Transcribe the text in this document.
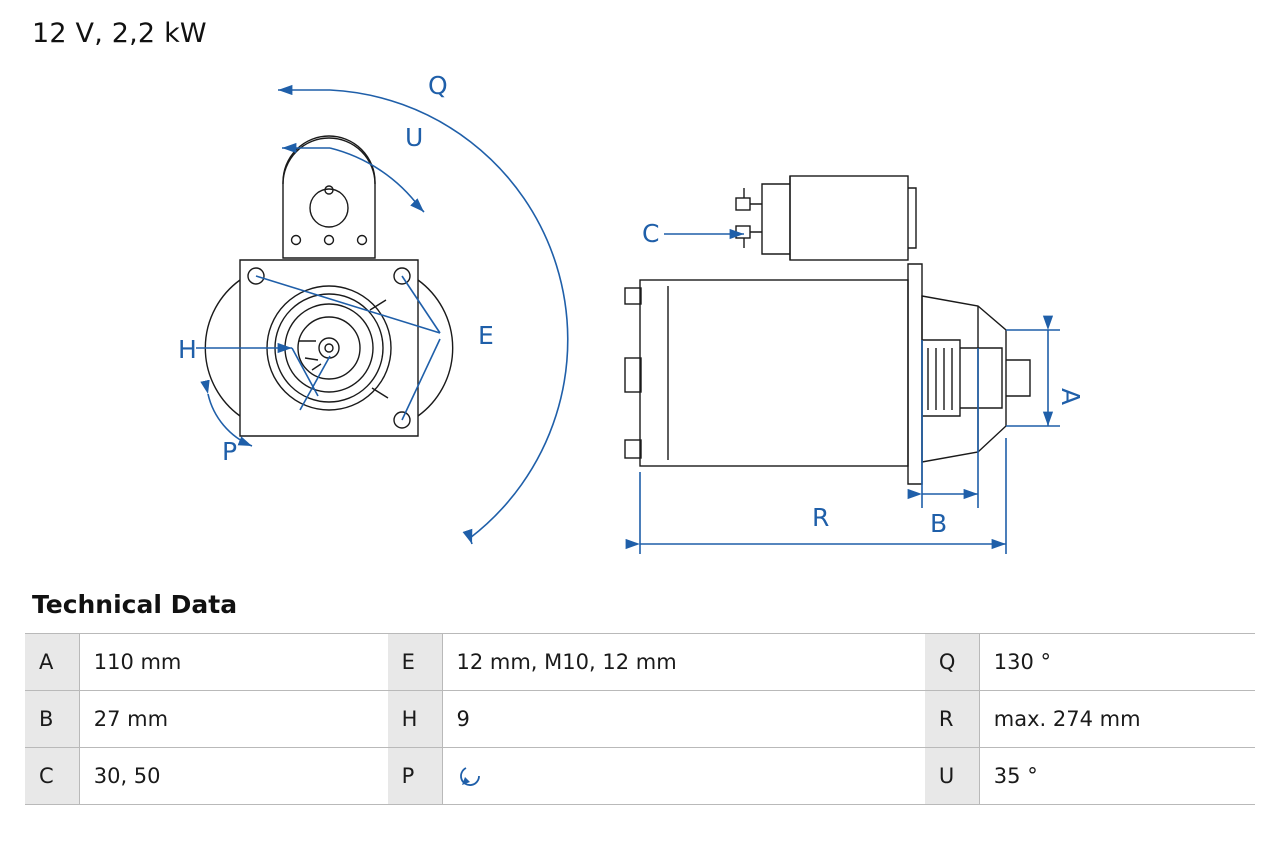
12 V, 2,2 kW
Q
U
E
H
P
C
A
B
R
Technical Data
A	110 mm	E	12 mm, M10, 12 mm	Q	130 °
B	27 mm	H	9	R	max. 274 mm
C	30, 50	P		U	35 °
